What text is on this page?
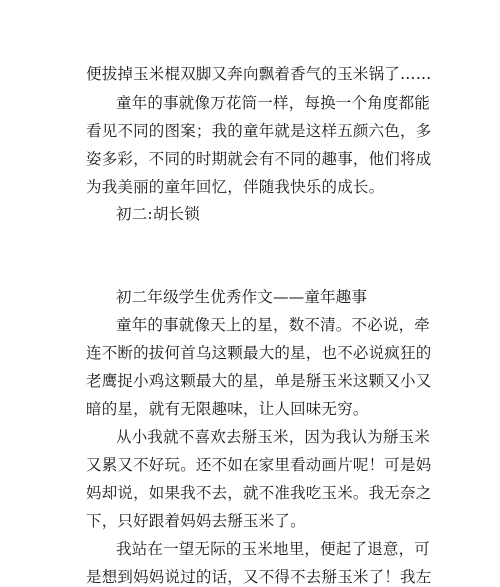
便拔掉玉米棍双脚又奔向飘着香气的玉米锅了……
童年的事就像万花筒一样，每换一个角度都能
看见不同的图案；我的童年就是这样五颜六色，多
姿多彩，不同的时期就会有不同的趣事，他们将成
为我美丽的童年回忆，伴随我快乐的成长。
初二:胡长锁
初二年级学生优秀作文——童年趣事
童年的事就像天上的星，数不清。不必说，牵
连不断的拔何首乌这颗最大的星，也不必说疯狂的
老鹰捉小鸡这颗最大的星，单是掰玉米这颗又小又
暗的星，就有无限趣味，让人回味无穷。
从小我就不喜欢去掰玉米，因为我认为掰玉米
又累又不好玩。还不如在家里看动画片呢！可是妈
妈却说，如果我不去，就不准我吃玉米。我无奈之
下，只好跟着妈妈去掰玉米了。
我站在一望无际的玉米地里，便起了退意，可
是想到妈妈说过的话，又不得不去掰玉米了！我左
